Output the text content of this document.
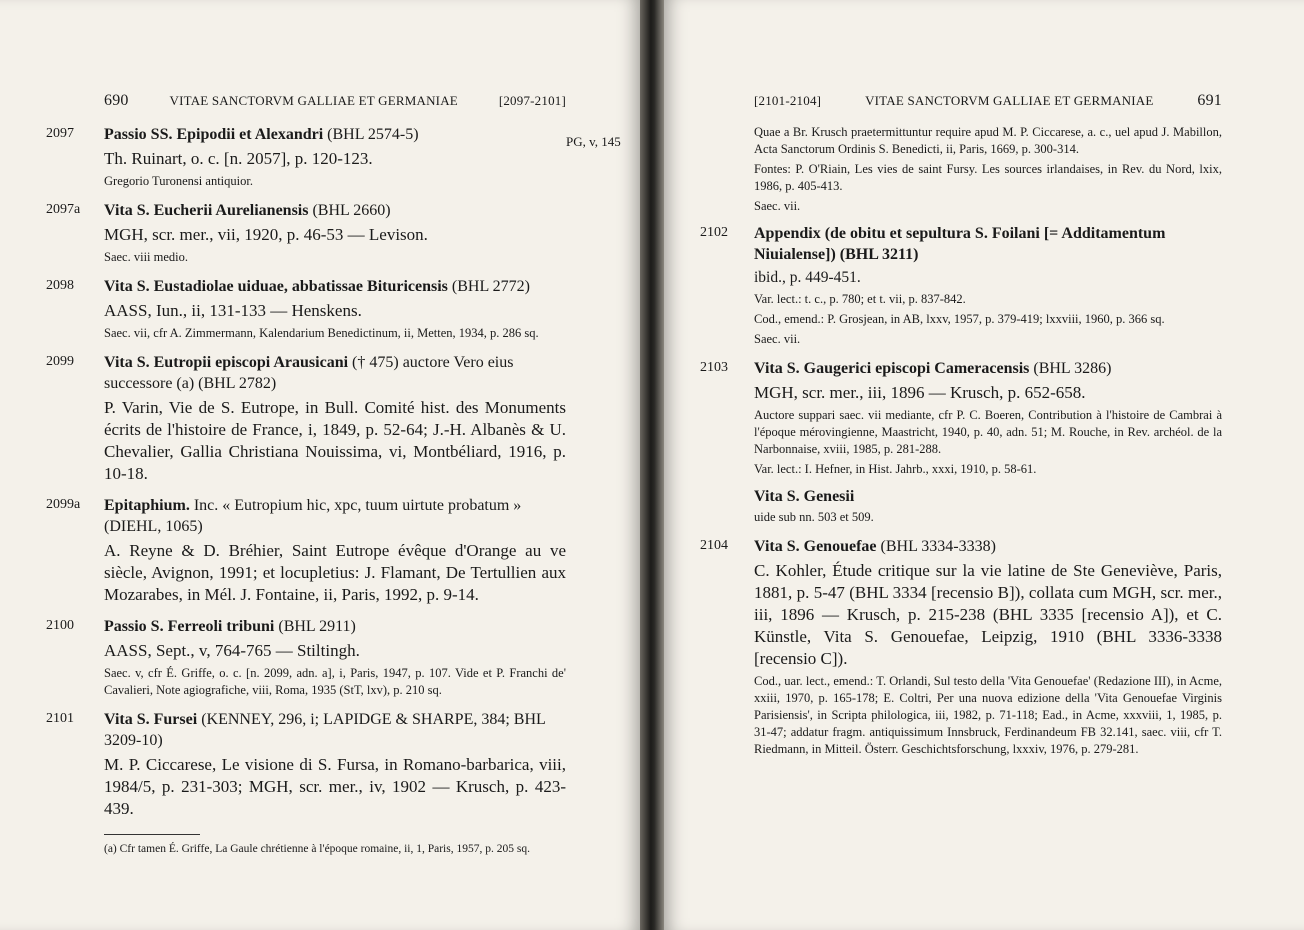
690	VITAE SANCTORVM GALLIAE ET GERMANIAE	[2097-2101]
PG, v, 145
2097	Passio SS. Epipodii et Alexandri (BHL 2574-5)

Th. Ruinart, o. c. [n. 2057], p. 120-123.

Gregorio Turonensi antiquior.

2097a	Vita S. Eucherii Aurelianensis (BHL 2660)

MGH, scr. mer., vii, 1920, p. 46-53 — Levison.

Saec. viii medio.

2098	Vita S. Eustadiolae uiduae, abbatissae Bituricensis (BHL 2772)

AASS, Iun., ii, 131-133 — Henskens.

Saec. vii, cfr A. Zimmermann, Kalendarium Benedictinum, ii, Metten, 1934, p. 286 sq.

2099	Vita S. Eutropii episcopi Arausicani († 475) auctore Vero eius successore (a) (BHL 2782)

P. Varin, Vie de S. Eutrope, in Bull. Comité hist. des Monuments écrits de l'histoire de France, i, 1849, p. 52-64; J.-H. Albanès & U. Chevalier, Gallia Christiana Nouissima, vi, Montbéliard, 1916, p. 10-18.

2099a	Epitaphium. Inc. « Eutropium hic, xpc, tuum uirtute probatum » (DIEHL, 1065)

A. Reyne & D. Bréhier, Saint Eutrope évêque d'Orange au ve siècle, Avignon, 1991; et locupletius: J. Flamant, De Tertullien aux Mozarabes, in Mél. J. Fontaine, ii, Paris, 1992, p. 9-14.

2100	Passio S. Ferreoli tribuni (BHL 2911)

AASS, Sept., v, 764-765 — Stiltingh.

Saec. v, cfr É. Griffe, o. c. [n. 2099, adn. a], i, Paris, 1947, p. 107. Vide et P. Franchi de' Cavalieri, Note agiografiche, viii, Roma, 1935 (StT, lxv), p. 210 sq.

2101	Vita S. Fursei (KENNEY, 296, i; LAPIDGE & SHARPE, 384; BHL 3209-10)

M. P. Ciccarese, Le visione di S. Fursa, in Romano-barbarica, viii, 1984/5, p. 231-303; MGH, scr. mer., iv, 1902 — Krusch, p. 423-439.

(a) Cfr tamen É. Griffe, La Gaule chrétienne à l'époque romaine, ii, 1, Paris, 1957, p. 205 sq.

[2101-2104]	VITAE SANCTORVM GALLIAE ET GERMANIAE	691

Quae a Br. Krusch praetermittuntur require apud M. P. Ciccarese, a. c., uel apud J. Mabillon, Acta Sanctorum Ordinis S. Benedicti, ii, Paris, 1669, p. 300-314.

Fontes: P. O'Riain, Les vies de saint Fursy. Les sources irlandaises, in Rev. du Nord, lxix, 1986, p. 405-413.

Saec. vii.

2102	Appendix (de obitu et sepultura S. Foilani [= Additamentum Niuialense]) (BHL 3211)

ibid., p. 449-451.

Var. lect.: t. c., p. 780; et t. vii, p. 837-842.

Cod., emend.: P. Grosjean, in AB, lxxv, 1957, p. 379-419; lxxviii, 1960, p. 366 sq.

Saec. vii.

2103	Vita S. Gaugerici episcopi Cameracensis (BHL 3286)

MGH, scr. mer., iii, 1896 — Krusch, p. 652-658.

Auctore suppari saec. vii mediante, cfr P. C. Boeren, Contribution à l'histoire de Cambrai à l'époque mérovingienne, Maastricht, 1940, p. 40, adn. 51; M. Rouche, in Rev. archéol. de la Narbonnaise, xviii, 1985, p. 281-288.

Var. lect.: I. Hefner, in Hist. Jahrb., xxxi, 1910, p. 58-61.

Vita S. Genesii

uide sub nn. 503 et 509.

2104	Vita S. Genouefae (BHL 3334-3338)

C. Kohler, Étude critique sur la vie latine de Ste Geneviève, Paris, 1881, p. 5-47 (BHL 3334 [recensio B]), collata cum MGH, scr. mer., iii, 1896 — Krusch, p. 215-238 (BHL 3335 [recensio A]), et C. Künstle, Vita S. Genouefae, Leipzig, 1910 (BHL 3336-3338 [recensio C]).

Cod., uar. lect., emend.: T. Orlandi, Sul testo della 'Vita Genouefae' (Redazione III), in Acme, xxiii, 1970, p. 165-178; E. Coltri, Per una nuova edizione della 'Vita Genouefae Virginis Parisiensis', in Scripta philologica, iii, 1982, p. 71-118; Ead., in Acme, xxxviii, 1, 1985, p. 31-47; addatur fragm. antiquissimum Innsbruck, Ferdinandeum FB 32.141, saec. viii, cfr T. Riedmann, in Mitteil. Österr. Geschichtsforschung, lxxxiv, 1976, p. 279-281.
